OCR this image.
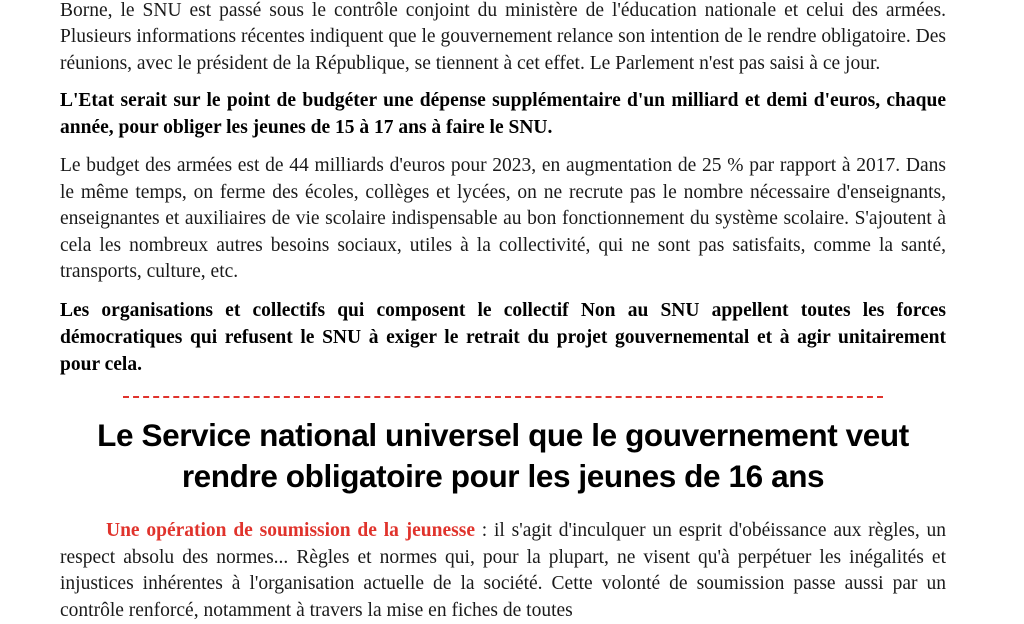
Borne, le SNU est passé sous le contrôle conjoint du ministère de l'éducation nationale et celui des armées. Plusieurs informations récentes indiquent que le gouvernement relance son intention de le rendre obligatoire. Des réunions, avec le président de la République, se tiennent à cet effet. Le Parlement n'est pas saisi à ce jour.

L'Etat serait sur le point de budgéter une dépense supplémentaire d'un milliard et demi d'euros, chaque année, pour obliger les jeunes de 15 à 17 ans à faire le SNU.

Le budget des armées est de 44 milliards d'euros pour 2023, en augmentation de 25 % par rapport à 2017. Dans le même temps, on ferme des écoles, collèges et lycées, on ne recrute pas le nombre nécessaire d'enseignants, enseignantes et auxiliaires de vie scolaire indispensable au bon fonctionnement du système scolaire. S'ajoutent à cela les nombreux autres besoins sociaux, utiles à la collectivité, qui ne sont pas satisfaits, comme la santé, transports, culture, etc.

Les organisations et collectifs qui composent le collectif Non au SNU appellent toutes les forces démocratiques qui refusent le SNU à exiger le retrait du projet gouvernemental et à agir unitairement pour cela.

Le Service national universel que le gouvernement veut rendre obligatoire pour les jeunes de 16 ans

Une opération de soumission de la jeunesse : il s'agit d'inculquer un esprit d'obéissance aux règles, un respect absolu des normes... Règles et normes qui, pour la plupart, ne visent qu'à perpétuer les inégalités et injustices inhérentes à l'organisation actuelle de la société. Cette volonté de soumission passe aussi par un contrôle renforcé, notamment à travers la mise en fiches de toutes
